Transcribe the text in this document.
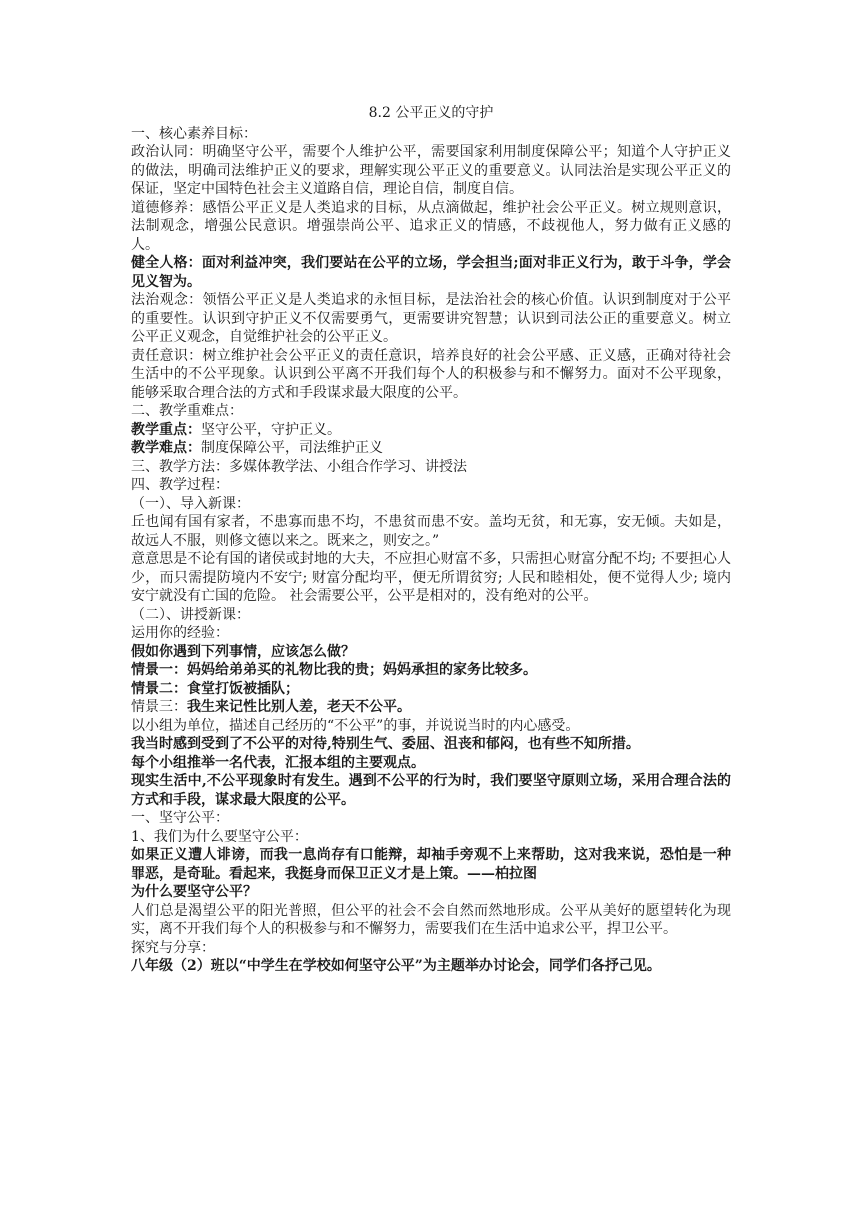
8.2 公平正义的守护
一、核心素养目标：
政治认同：明确坚守公平，需要个人维护公平，需要国家利用制度保障公平；知道个人守护正义的做法，明确司法维护正义的要求，理解实现公平正义的重要意义。认同法治是实现公平正义的保证，坚定中国特色社会主义道路自信，理论自信，制度自信。
道德修养：感悟公平正义是人类追求的目标，从点滴做起，维护社会公平正义。树立规则意识，法制观念，增强公民意识。增强崇尚公平、追求正义的情感，不歧视他人，努力做有正义感的人。
健全人格：面对利益冲突，我们要站在公平的立场，学会担当;面对非正义行为，敢于斗争，学会见义智为。
法治观念：领悟公平正义是人类追求的永恒目标，是法治社会的核心价值。认识到制度对于公平的重要性。认识到守护正义不仅需要勇气，更需要讲究智慧；认识到司法公正的重要意义。树立公平正义观念，自觉维护社会的公平正义。
责任意识：树立维护社会公平正义的责任意识，培养良好的社会公平感、正义感，正确对待社会生活中的不公平现象。认识到公平离不开我们每个人的积极参与和不懈努力。面对不公平现象，能够采取合理合法的方式和手段谋求最大限度的公平。
二、教学重难点：
教学重点：坚守公平，守护正义。
教学难点：制度保障公平，司法维护正义
三、教学方法：多媒体教学法、小组合作学习、讲授法
四、教学过程：
（一）、导入新课：
丘也闻有国有家者，不患寡而患不均，不患贫而患不安。盖均无贫，和无寡，安无倾。夫如是，故远人不服，则修文德以来之。既来之，则安之。”
意意思是不论有国的诸侯或封地的大夫，不应担心财富不多，只需担心财富分配不均; 不要担心人少，而只需提防境内不安宁; 财富分配均平，便无所谓贫穷; 人民和睦相处，便不觉得人少; 境内安宁就没有亡国的危险。 社会需要公平，公平是相对的，没有绝对的公平。
（二）、讲授新课：
运用你的经验：
假如你遇到下列事情，应该怎么做？
情景一：妈妈给弟弟买的礼物比我的贵；妈妈承担的家务比较多。
情景二：食堂打饭被插队；
情景三：我生来记性比别人差，老天不公平。
以小组为单位，描述自己经历的“不公平”的事，并说说当时的内心感受。
我当时感到受到了不公平的对待,特别生气、委屈、沮丧和郁闷，也有些不知所措。
每个小组推举一名代表，汇报本组的主要观点。
现实生活中,不公平现象时有发生。遇到不公平的行为时，我们要坚守原则立场，采用合理合法的方式和手段，谋求最大限度的公平。
一、坚守公平：
1、我们为什么要坚守公平：
如果正义遭人诽谤，而我一息尚存有口能辩，却袖手旁观不上来帮助，这对我来说，恐怕是一种罪恶，是奇耻。看起来，我挺身而保卫正义才是上策。——柏拉图
为什么要坚守公平？
人们总是渴望公平的阳光普照，但公平的社会不会自然而然地形成。公平从美好的愿望转化为现实，离不开我们每个人的积极参与和不懈努力，需要我们在生活中追求公平，捍卫公平。
探究与分享：
八年级（2）班以“中学生在学校如何坚守公平”为主题举办讨论会，同学们各抒己见。
